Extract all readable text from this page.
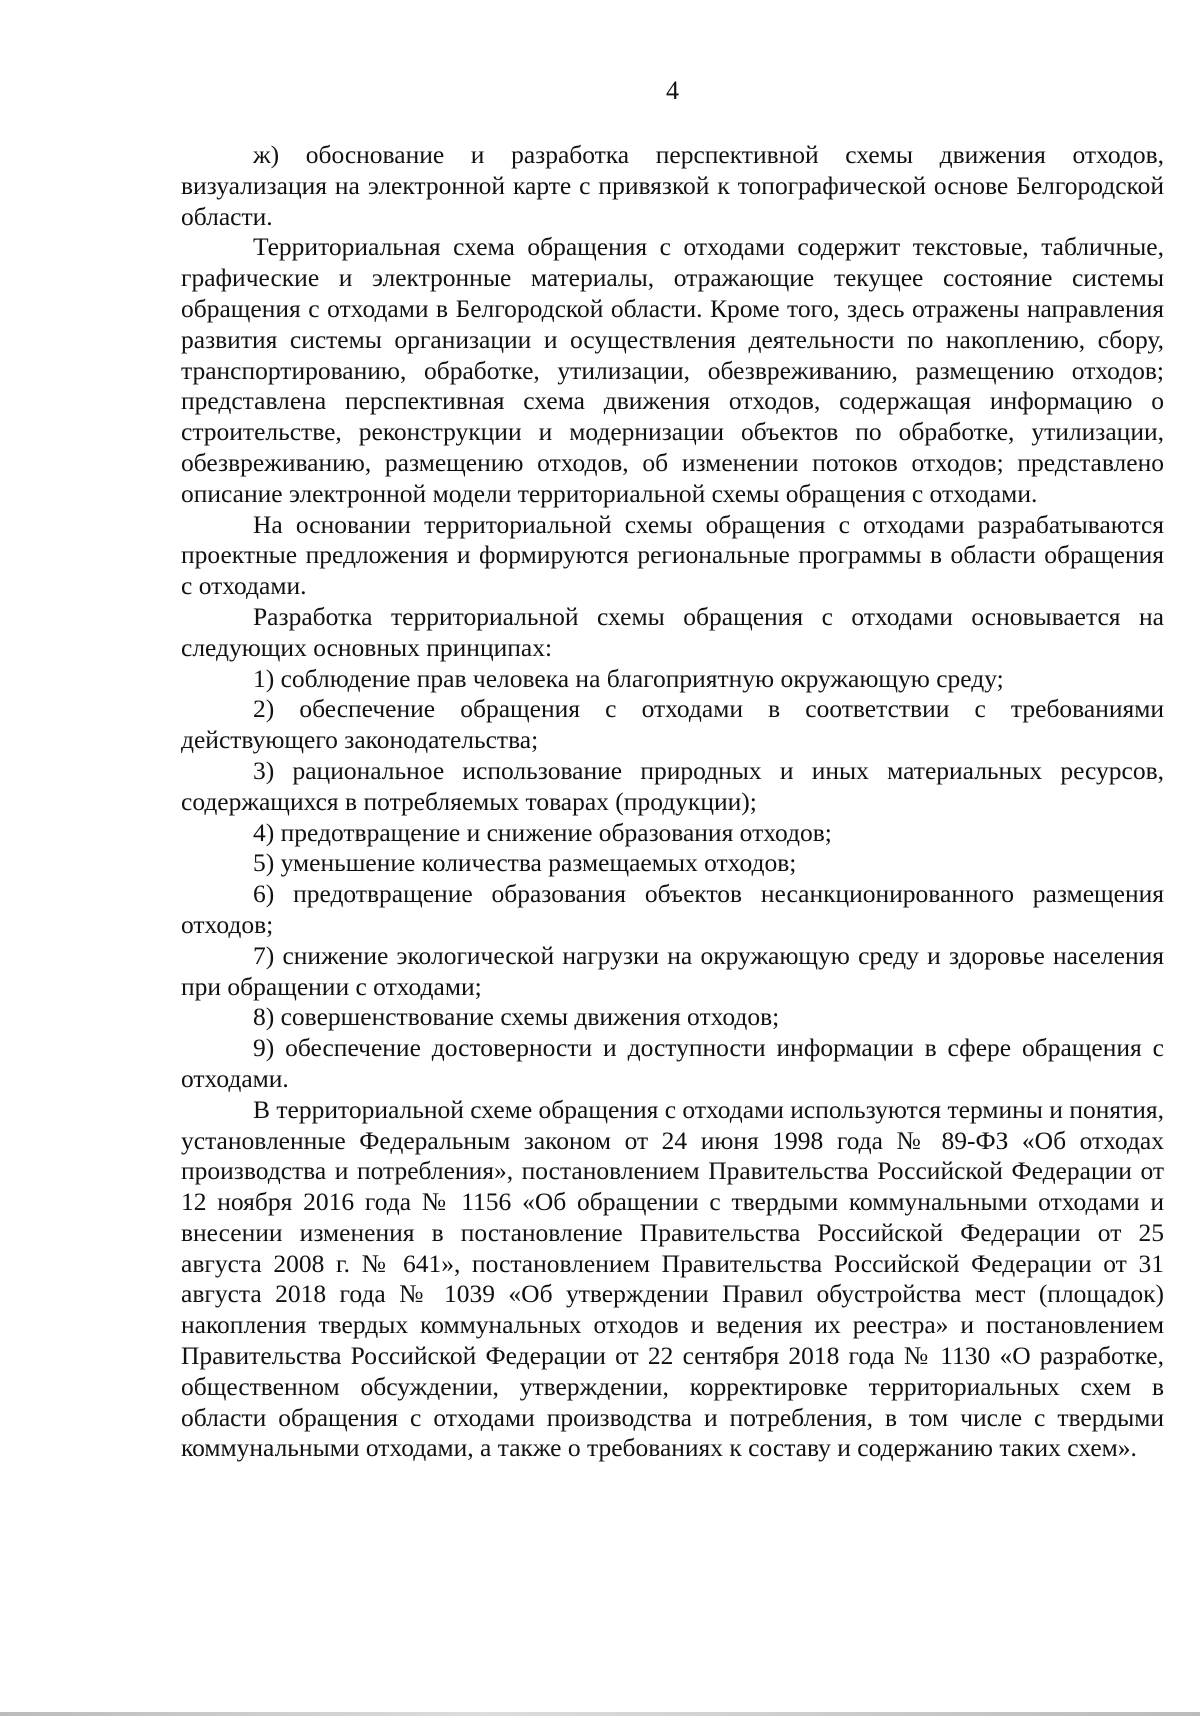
4

ж) обоснование и разработка перспективной схемы движения отходов, визуализация на электронной карте с привязкой к топографической основе Белгородской области.

Территориальная схема обращения с отходами содержит текстовые, табличные, графические и электронные материалы, отражающие текущее состояние системы обращения с отходами в Белгородской области. Кроме того, здесь отражены направления развития системы организации и осуществления деятельности по накоплению, сбору, транспортированию, обработке, утилизации, обезвреживанию, размещению отходов; представлена перспективная схема движения отходов, содержащая информацию о строительстве, реконструкции и модернизации объектов по обработке, утилизации, обезвреживанию, размещению отходов, об изменении потоков отходов; представлено описание электронной модели территориальной схемы обращения с отходами.

На основании территориальной схемы обращения с отходами разрабатываются проектные предложения и формируются региональные программы в области обращения с отходами.

Разработка территориальной схемы обращения с отходами основывается на следующих основных принципах:

1) соблюдение прав человека на благоприятную окружающую среду;

2) обеспечение обращения с отходами в соответствии с требованиями действующего законодательства;

3) рациональное использование природных и иных материальных ресурсов, содержащихся в потребляемых товарах (продукции);

4) предотвращение и снижение образования отходов;

5) уменьшение количества размещаемых отходов;

6) предотвращение образования объектов несанкционированного размещения отходов;

7) снижение экологической нагрузки на окружающую среду и здоровье населения при обращении с отходами;

8) совершенствование схемы движения отходов;

9) обеспечение достоверности и доступности информации в сфере обращения с отходами.

В территориальной схеме обращения с отходами используются термины и понятия, установленные Федеральным законом от 24 июня 1998 года № 89-ФЗ «Об отходах производства и потребления», постановлением Правительства Российской Федерации от 12 ноября 2016 года № 1156 «Об обращении с твердыми коммунальными отходами и внесении изменения в постановление Правительства Российской Федерации от 25 августа 2008 г. № 641», постановлением Правительства Российской Федерации от 31 августа 2018 года № 1039 «Об утверждении Правил обустройства мест (площадок) накопления твердых коммунальных отходов и ведения их реестра» и постановлением Правительства Российской Федерации от 22 сентября 2018 года № 1130 «О разработке, общественном обсуждении, утверждении, корректировке территориальных схем в области обращения с отходами производства и потребления, в том числе с твердыми коммунальными отходами, а также о требованиях к составу и содержанию таких схем».
